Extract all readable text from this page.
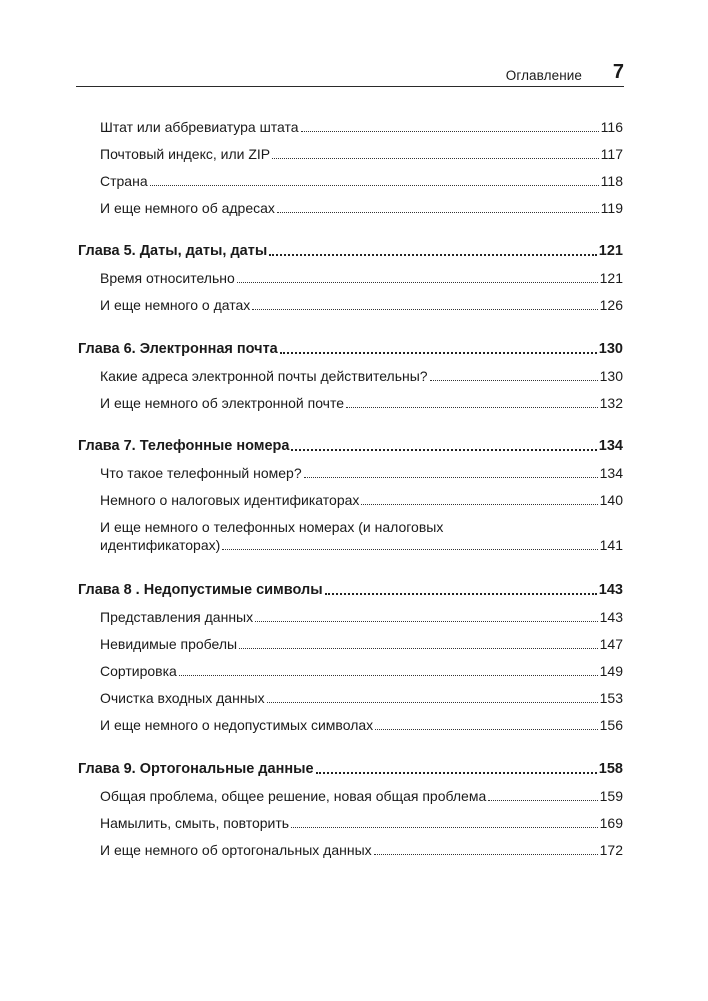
Оглавление 7
Штат или аббревиатура штата	116
Почтовый индекс, или ZIP	117
Страна	118
И еще немного об адресах	119
Глава 5. Даты, даты, даты	121
Время относительно	121
И еще немного о датах	126
Глава 6. Электронная почта	130
Какие адреса электронной почты действительны?	130
И еще немного об электронной почте	132
Глава 7. Телефонные номера	134
Что такое телефонный номер?	134
Немного о налоговых идентификаторах	140
И еще немного о телефонных номерах (и налоговых
идентификаторах)	141
Глава 8 . Недопустимые символы	143
Представления данных	143
Невидимые пробелы	147
Сортировка	149
Очистка входных данных	153
И еще немного о недопустимых символах	156
Глава 9. Ортогональные данные	158
Общая проблема, общее решение, новая общая проблема	159
Намылить, смыть, повторить	169
И еще немного об ортогональных данных	172
